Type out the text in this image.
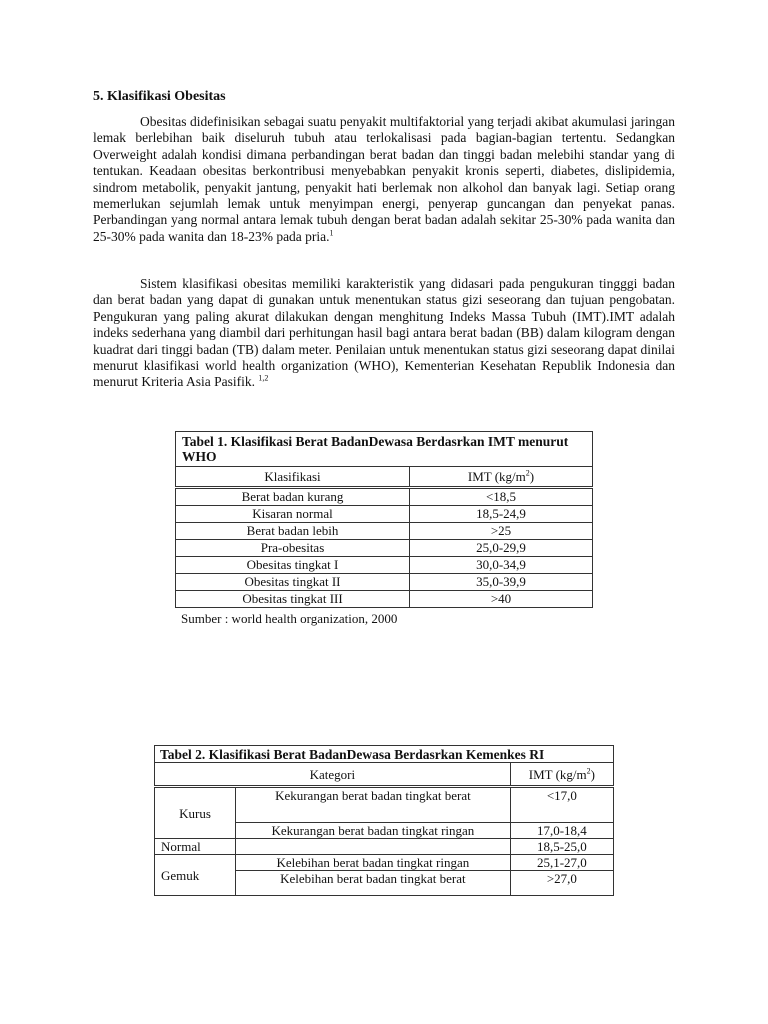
5. Klasifikasi Obesitas

Obesitas didefinisikan sebagai suatu penyakit multifaktorial yang terjadi akibat akumulasi jaringan lemak berlebihan baik diseluruh tubuh atau terlokalisasi pada bagian-bagian tertentu. Sedangkan Overweight adalah kondisi dimana perbandingan berat badan dan tinggi badan melebihi standar yang di tentukan. Keadaan obesitas berkontribusi menyebabkan penyakit kronis seperti, diabetes, dislipidemia, sindrom metabolik, penyakit jantung, penyakit hati berlemak non alkohol dan banyak lagi. Setiap orang memerlukan sejumlah lemak untuk menyimpan energi, penyerap guncangan dan penyekat panas. Perbandingan yang normal antara lemak tubuh dengan berat badan adalah sekitar 25-30% pada wanita dan 25-30% pada wanita dan 18-23% pada pria.$^1$

Sistem klasifikasi obesitas memiliki karakteristik yang didasari pada pengukuran tingggi badan dan berat badan yang dapat di gunakan untuk menentukan status gizi seseorang dan tujuan pengobatan. Pengukuran yang paling akurat dilakukan dengan menghitung Indeks Massa Tubuh (IMT).IMT adalah indeks sederhana yang diambil dari perhitungan hasil bagi antara berat badan (BB) dalam kilogram dengan kuadrat dari tinggi badan (TB) dalam meter. Penilaian untuk menentukan status gizi seseorang dapat dinilai menurut klasifikasi world health organization (WHO), Kementerian Kesehatan Republik Indonesia dan menurut Kriteria Asia Pasifik. $^{1,2}$

Tabel 1. Klasifikasi Berat BadanDewasa Berdasrkan IMT menurut WHO	
Klasifikasi	IMT $(kg/m^2)$
Berat badan kurang	<18,5
Kisaran normal	18,5-24,9
Berat badan lebih	>25
Pra-obesitas	25,0-29,9
Obesitas tingkat I	30,0-34,9
Obesitas tingkat II	35,0-39,9
Obesitas tingkat III	>40
Sumber : world health organization, 2000
Tabel 2. Klasifikasi Berat BadanDewasa Berdasrkan Kemenkes RI		
Kategori		IMT $(kg/m^2)$
Kurus	Kekurangan berat badan tingkat berat	<17,0
	Kekurangan berat badan tingkat ringan	17,0-18,4
Normal		18,5-25,0
Gemuk	Kelebihan berat badan tingkat ringan	25,1-27,0
	Kelebihan berat badan tingkat berat	>27,0
